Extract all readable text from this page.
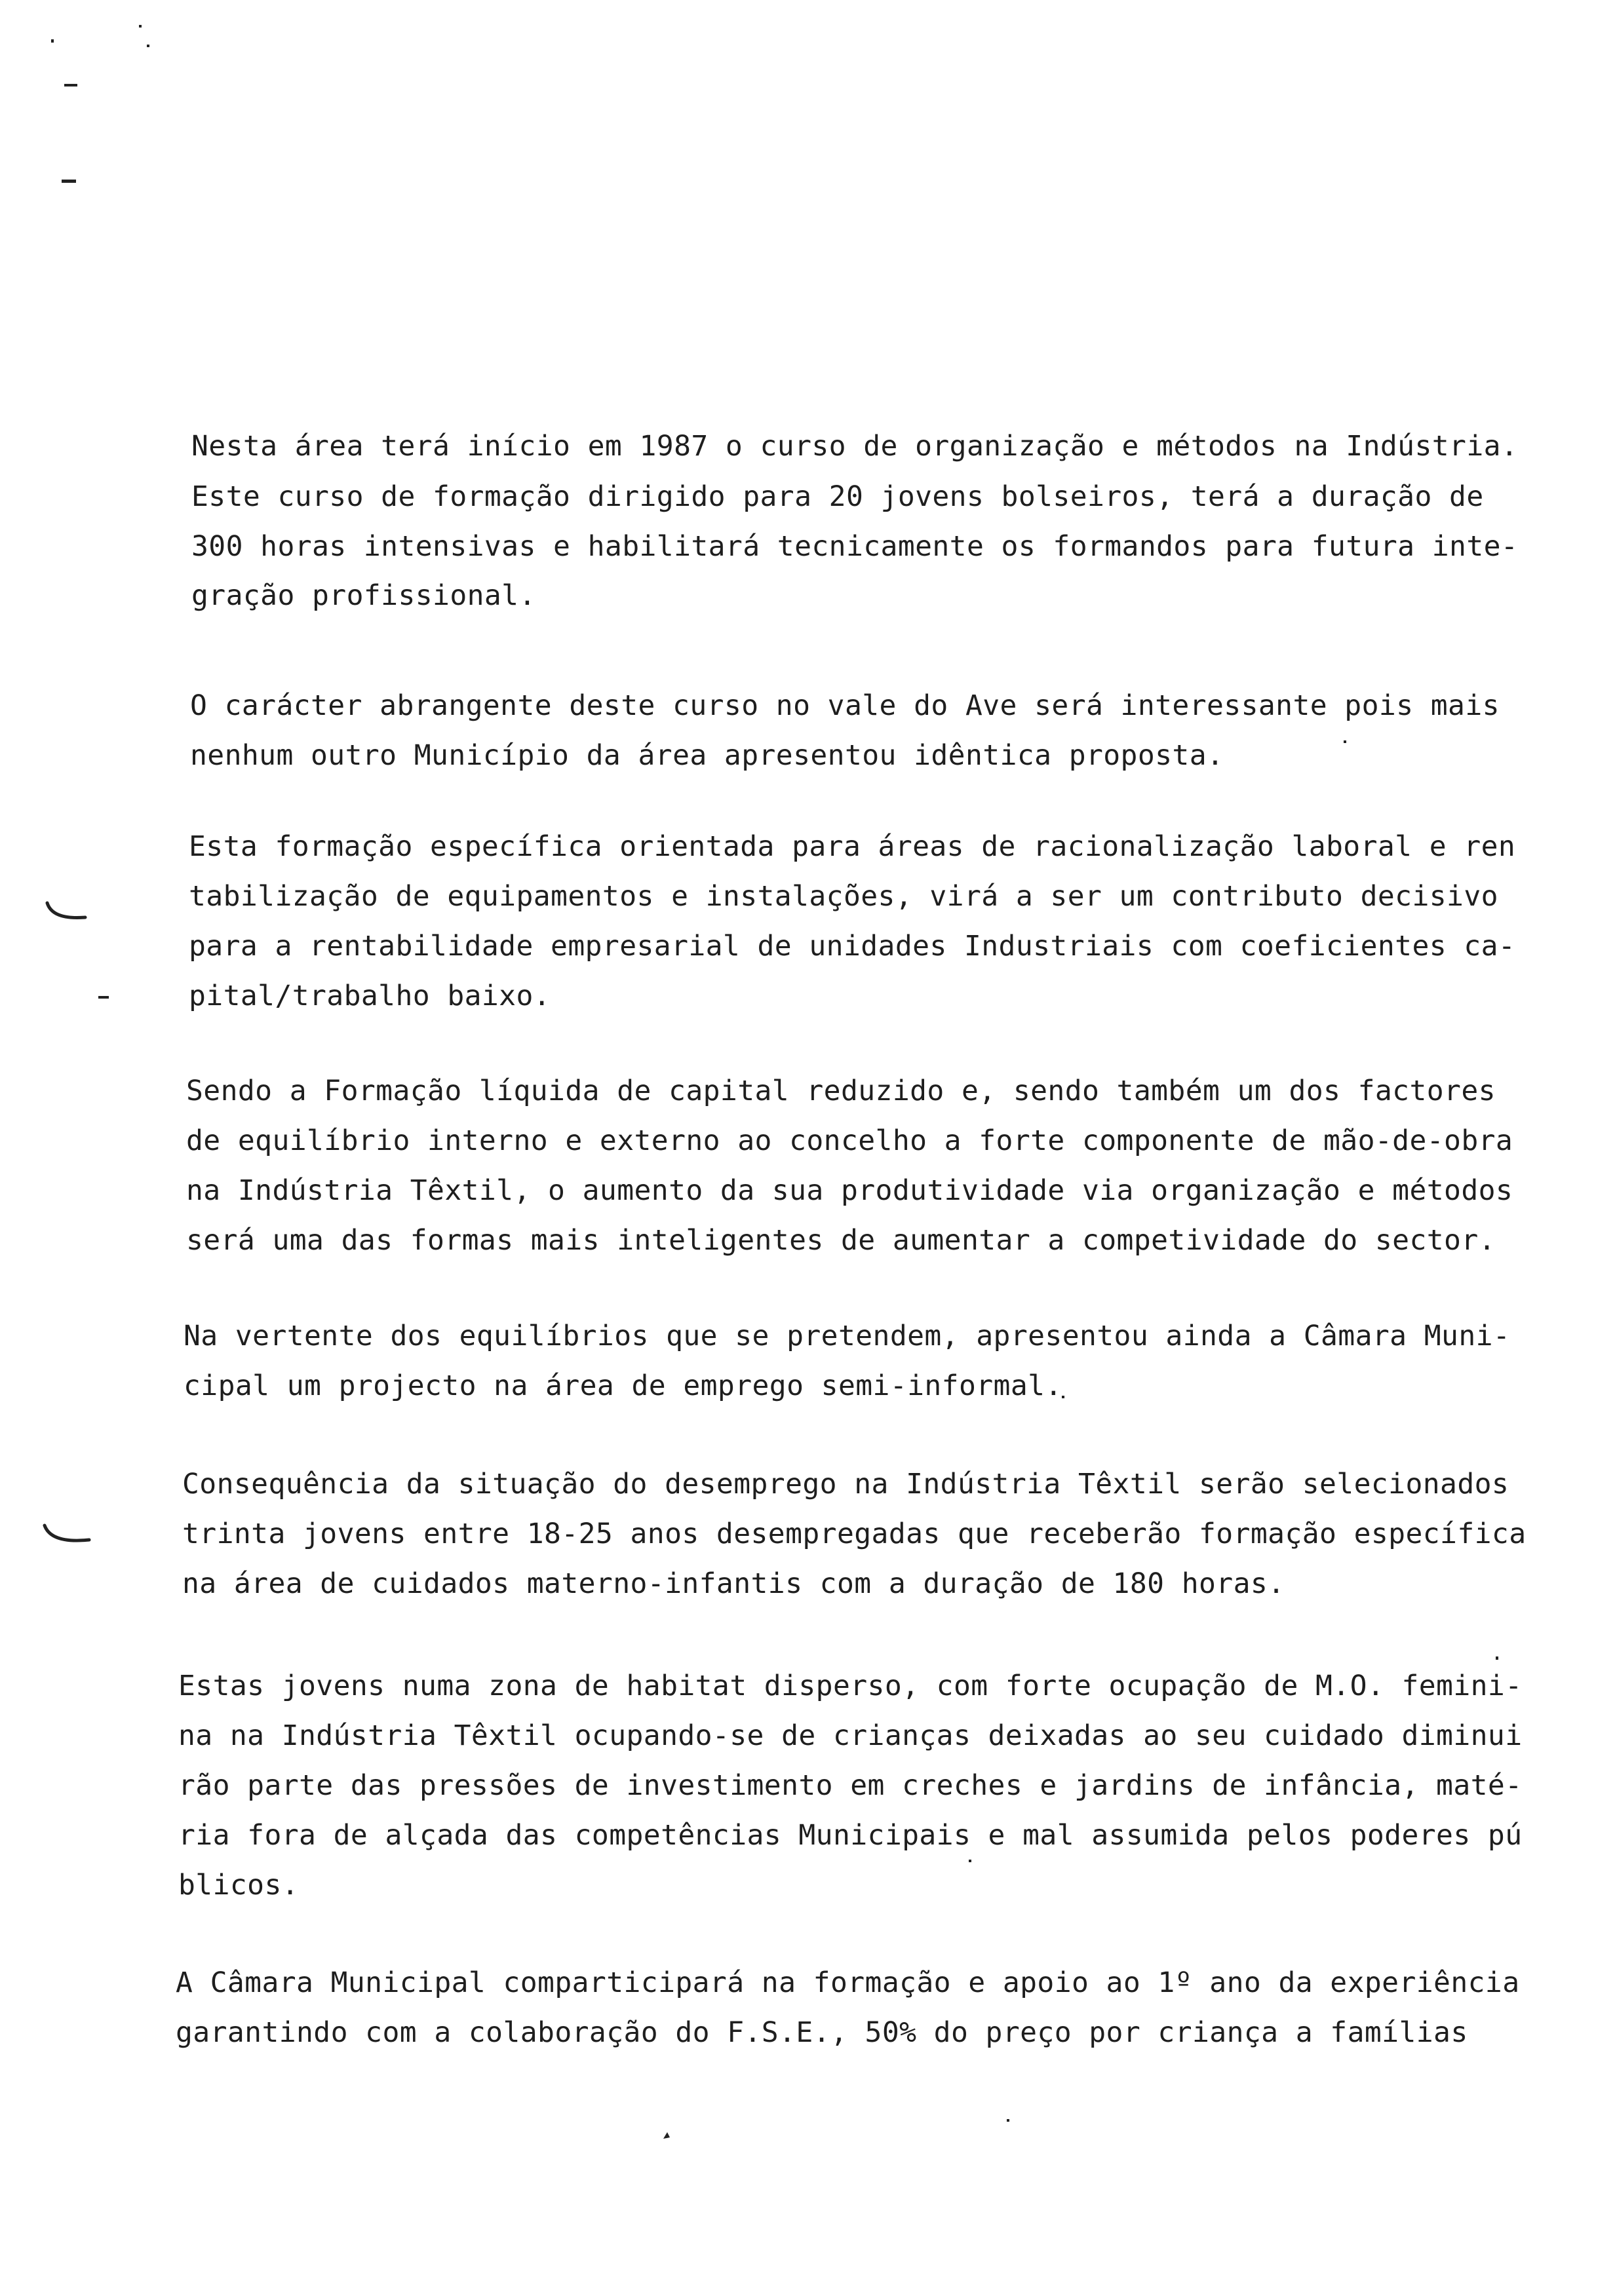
Nesta área terá início em 1987 o curso de organização e métodos na Indústria.
Este curso de formação dirigido para 20 jovens bolseiros, terá a duração de
300 horas intensivas e habilitará tecnicamente os formandos para futura inte-
gração profissional.
O carácter abrangente deste curso no vale do Ave será interessante pois mais
nenhum outro Município da área apresentou idêntica proposta.
Esta formação específica orientada para áreas de racionalização laboral e ren
tabilização de equipamentos e instalações, virá a ser um contributo decisivo
para a rentabilidade empresarial de unidades Industriais com coeficientes ca-
pital/trabalho baixo.
Sendo a Formação líquida de capital reduzido e, sendo também um dos factores
de equilíbrio interno e externo ao concelho a forte componente de mão-de-obra
na Indústria Têxtil, o aumento da sua produtividade via organização e métodos
será uma das formas mais inteligentes de aumentar a competividade do sector.
Na vertente dos equilíbrios que se pretendem, apresentou ainda a Câmara Muni-
cipal um projecto na área de emprego semi-informal.
Consequência da situação do desemprego na Indústria Têxtil serão selecionados
trinta jovens entre 18-25 anos desempregadas que receberão formação específica
na área de cuidados materno-infantis com a duração de 180 horas.
Estas jovens numa zona de habitat disperso, com forte ocupação de M.O. femini-
na na Indústria Têxtil ocupando-se de crianças deixadas ao seu cuidado diminui
rão parte das pressões de investimento em creches e jardins de infância, maté-
ria fora de alçada das competências Municipais e mal assumida pelos poderes pú
blicos.
A Câmara Municipal comparticipará na formação e apoio ao 1º ano da experiência
garantindo com a colaboração do F.S.E., 50% do preço por criança a famílias
